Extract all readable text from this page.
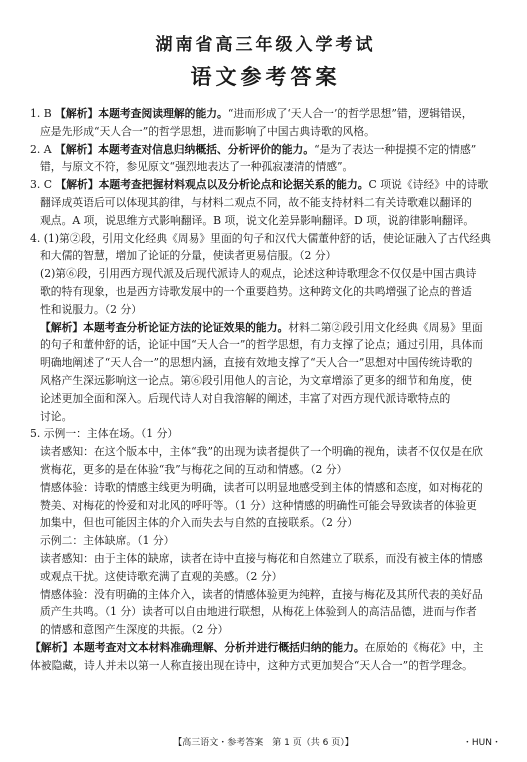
湖南省高三年级入学考试
语文参考答案

1. B 【解析】本题考查阅读理解的能力。“进而形成了‘天人合一’的哲学思想”错，逻辑错误，

应是先形成“天人合一”的哲学思想，进而影响了中国古典诗歌的风格。

2. A 【解析】本题考查对信息归纳概括、分析评价的能力。“是为了表达一种提摸不定的情感”

错，与原文不符，参见原文“强烈地表达了一种孤寂凄清的情感”。

3. C 【解析】本题考查把握材料观点以及分析论点和论据关系的能力。C 项说《诗经》中的诗歌

翻译成英语后可以体现其韵律，与材料二观点不同，故不能支持材料二有关诗歌难以翻译的

观点。A 项，说思维方式影响翻译。B 项，说文化差异影响翻译。D 项，说韵律影响翻译。

4. (1)第②段，引用文化经典《周易》里面的句子和汉代大儒董仲舒的话，使论证融入了古代经典

和大儒的智慧，增加了论证的分量，使读者更易信服。（2 分）

(2)第⑥段，引用西方现代派及后现代派诗人的观点，论述这种诗歌理念不仅仅是中国古典诗

歌的特有现象，也是西方诗歌发展中的一个重要趋势。这种跨文化的共鸣增强了论点的普适

性和说服力。（2 分）

【解析】本题考查分析论证方法的论证效果的能力。材料二第②段引用文化经典《周易》里面

的句子和董仲舒的话，论证中国“天人合一”的哲学思想，有力支撑了论点；通过引用，具体而

明确地阐述了“天人合一”的思想内涵，直接有效地支撑了“天人合一”思想对中国传统诗歌的

风格产生深远影响这一论点。第⑥段引用他人的言论，为文章增添了更多的细节和角度，使

论述更加全面和深入。后现代诗人对自我溶解的阐述，丰富了对西方现代派诗歌特点的

讨论。

5. 示例一：主体在场。（1 分）

读者感知：在这个版本中，主体“我”的出现为读者提供了一个明确的视角，读者不仅仅是在欣

赏梅花，更多的是在体验“我”与梅花之间的互动和情感。（2 分）

情感体验：诗歌的情感主线更为明确，读者可以明显地感受到主体的情感和态度，如对梅花的

赞美、对梅花的怜爱和对北风的呼吁等。（1 分）这种情感的明确性可能会导致读者的体验更

加集中，但也可能因主体的介入而失去与自然的直接联系。（2 分）

示例二：主体缺席。（1 分）

读者感知：由于主体的缺席，读者在诗中直接与梅花和自然建立了联系，而没有被主体的情感

或观点干扰。这使诗歌充满了直观的美感。（2 分）

情感体验：没有明确的主体介入，读者的情感体验更为纯粹，直接与梅花及其所代表的美好品

质产生共鸣。（1 分）读者可以自由地进行联想，从梅花上体验到人的高洁品德，进而与作者

的情感和意图产生深度的共振。（2 分）

【解析】本题考查对文本材料准确理解、分析并进行概括归纳的能力。在原始的《梅花》中，主

体被隐藏，诗人并未以第一人称直接出现在诗中，这种方式更加契合“天人合一”的哲学理念。

【高三语文・参考答案　第 1 页（共 6 页）】	・HUN・
